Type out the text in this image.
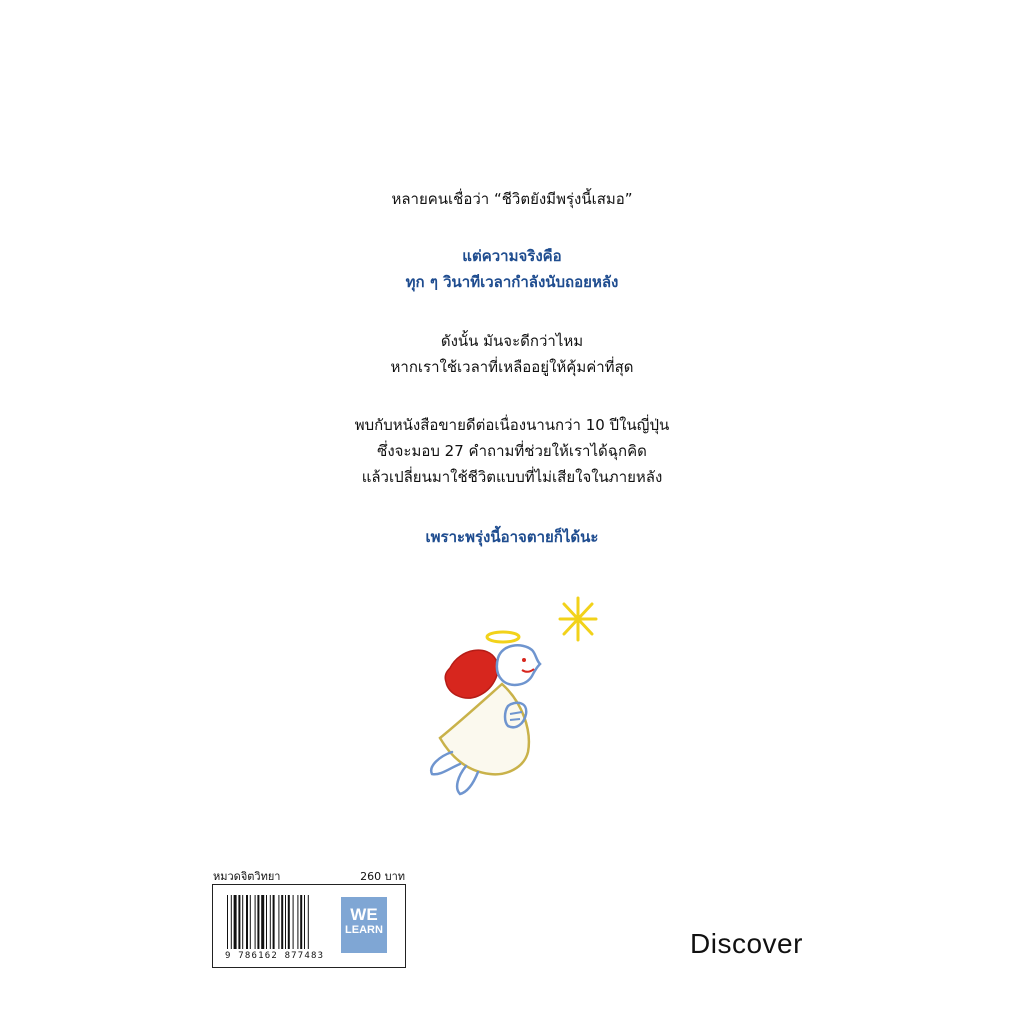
หลายคนเชื่อว่า “ชีวิตยังมีพรุ่งนี้เสมอ”
แต่ความจริงคือ
ทุก ๆ วินาทีเวลากำลังนับถอยหลัง
ดังนั้น มันจะดีกว่าไหม
หากเราใช้เวลาที่เหลืออยู่ให้คุ้มค่าที่สุด
พบกับหนังสือขายดีต่อเนื่องนานกว่า 10 ปีในญี่ปุ่น
ซึ่งจะมอบ 27 คำถามที่ช่วยให้เราได้ฉุกคิด
แล้วเปลี่ยนมาใช้ชีวิตแบบที่ไม่เสียใจในภายหลัง
เพราะพรุ่งนี้อาจตายก็ได้นะ
หมวดจิตวิทยา	260 บาท
9 786162 877483
WE
LEARN	Discover
